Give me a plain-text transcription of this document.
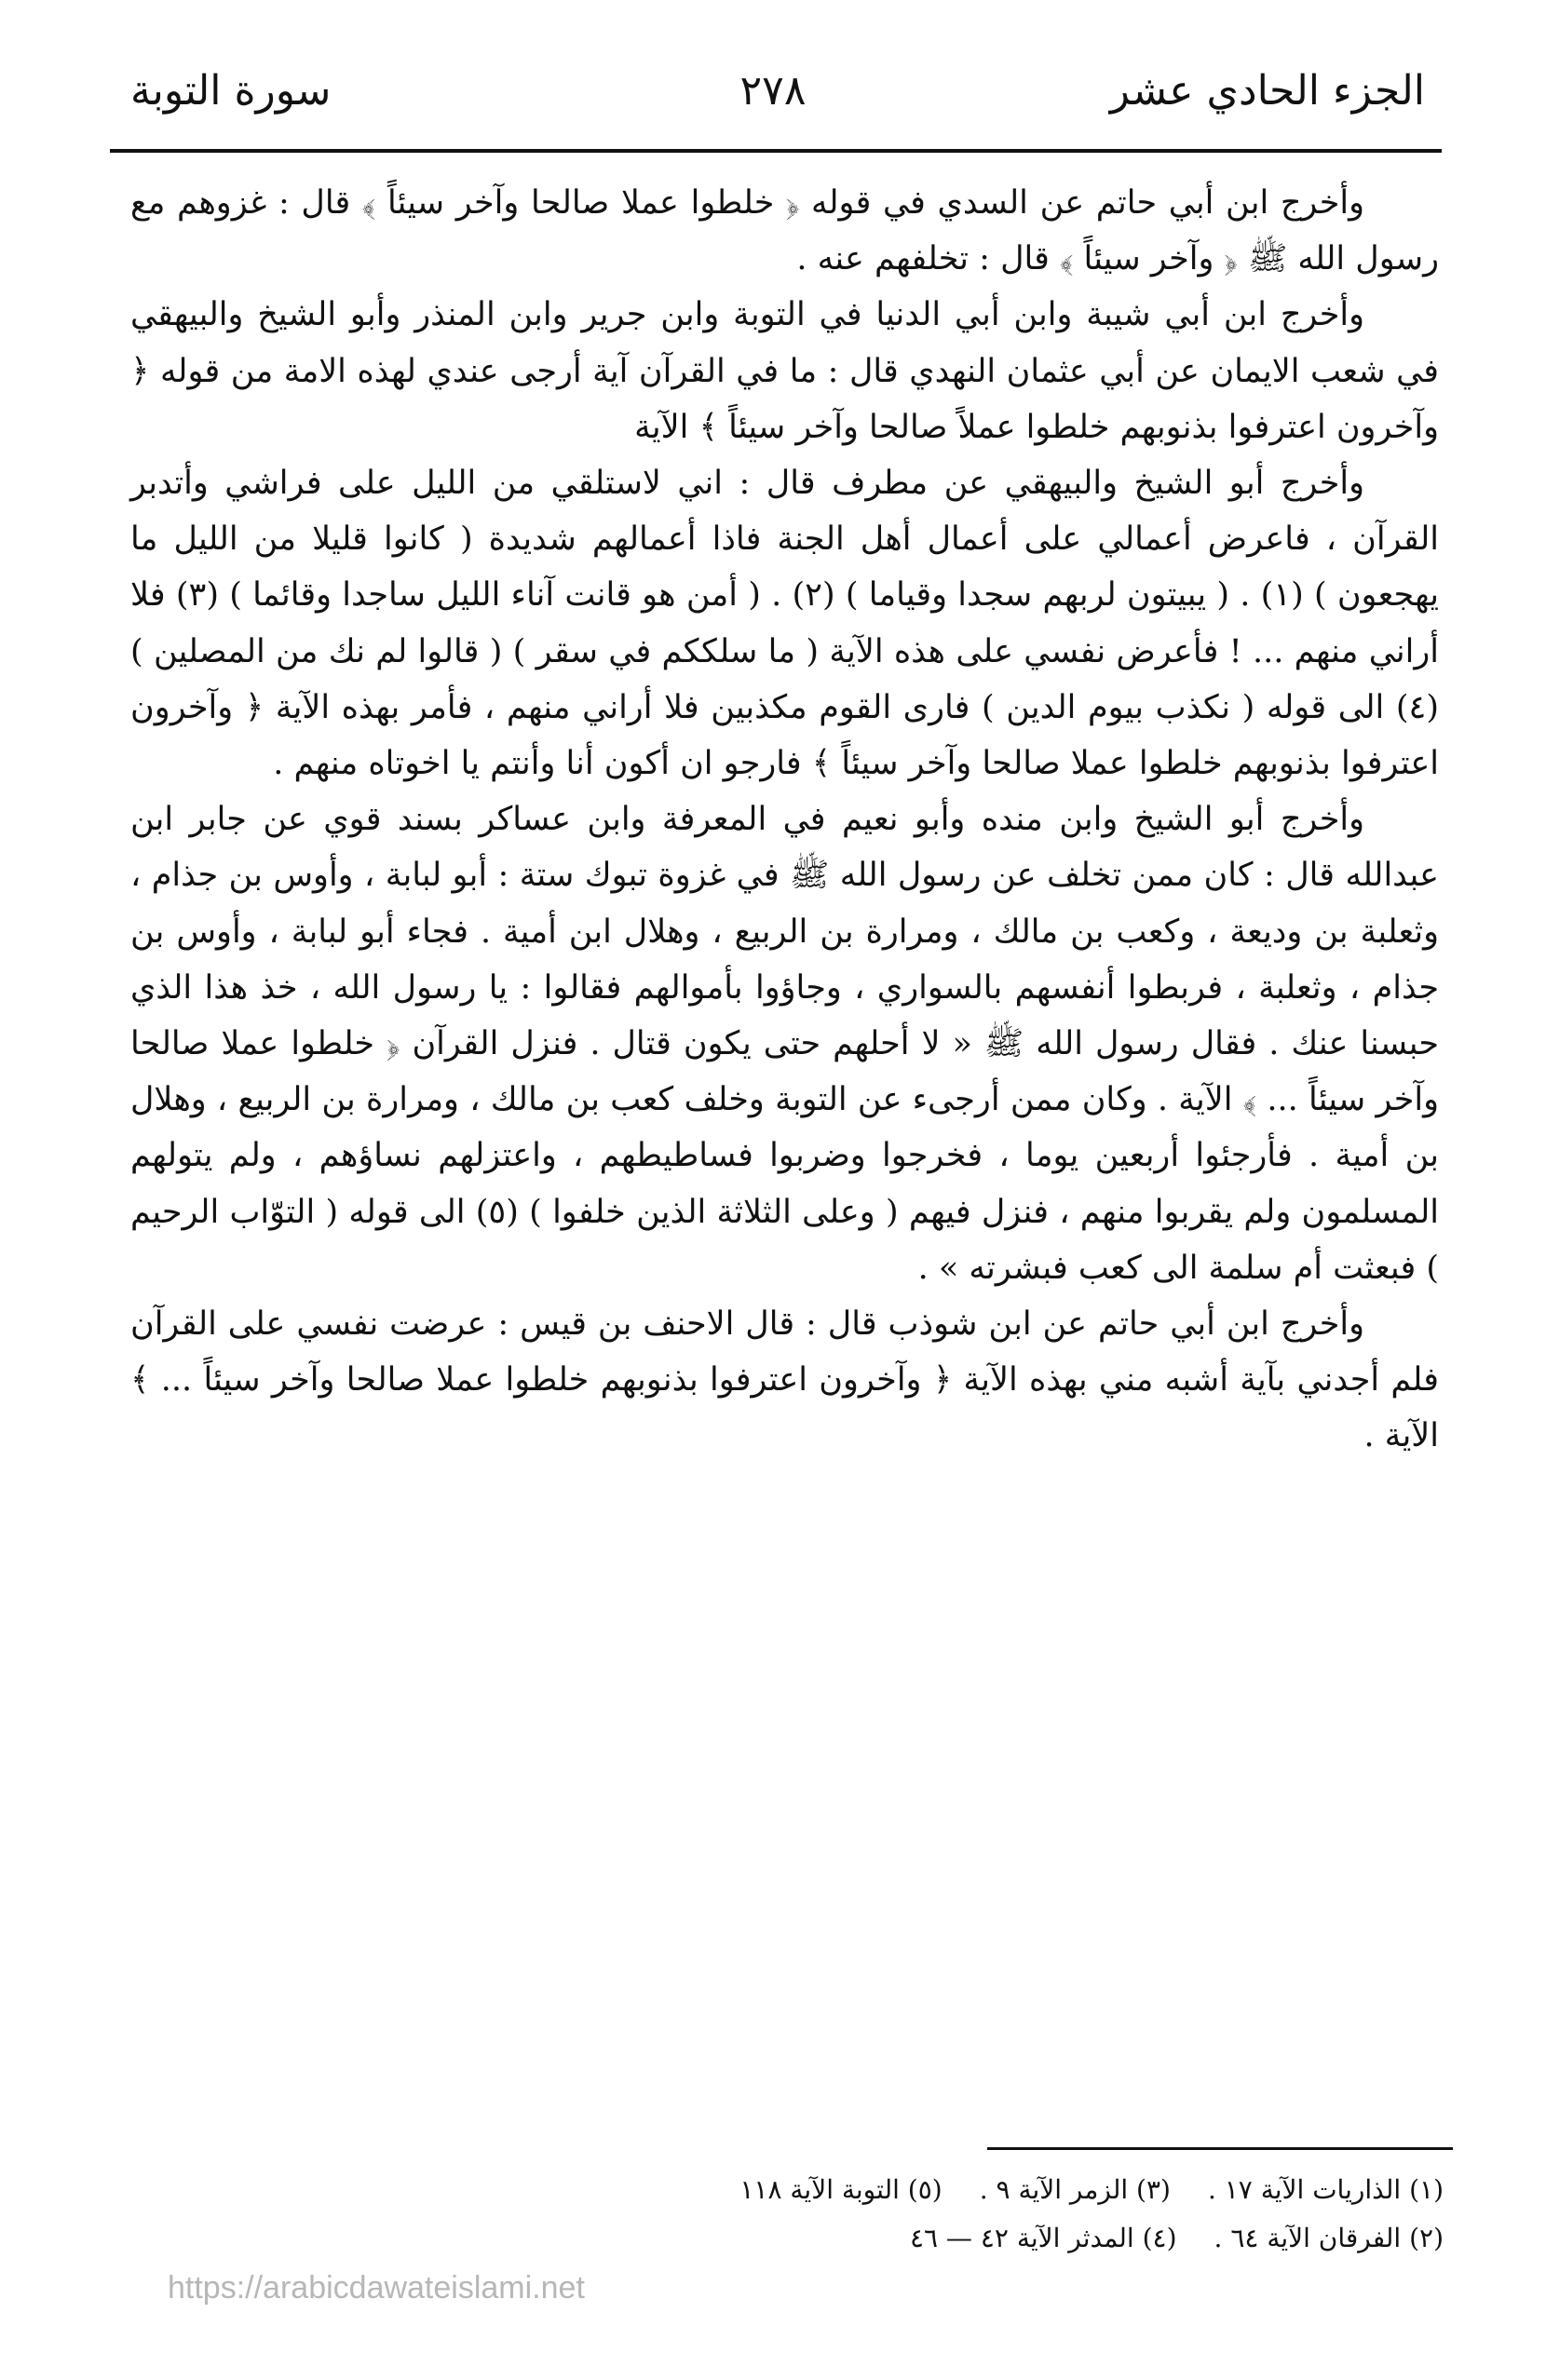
الجزء الحادي عشر
٢٧٨
سورة التوبة

وأخرج ابن أبي حاتم عن السدي في قوله ﴿ خلطوا عملا صالحا وآخر سيئاً ﴾ قال : غزوهم مع رسول الله ﷺ ﴿ وآخر سيئاً ﴾ قال : تخلفهم عنه .

وأخرج ابن أبي شيبة وابن أبي الدنيا في التوبة وابن جرير وابن المنذر وأبو الشيخ والبيهقي في شعب الايمان عن أبي عثمان النهدي قال : ما في القرآن آية أرجى عندي لهذه الامة من قوله ﴿ وآخرون اعترفوا بذنوبهم خلطوا عملاً صالحا وآخر سيئاً ﴾ الآية

وأخرج أبو الشيخ والبيهقي عن مطرف قال : اني لاستلقي من الليل على فراشي وأتدبر القرآن ، فاعرض أعمالي على أعمال أهل الجنة فاذا أعمالهم شديدة ( كانوا قليلا من الليل ما يهجعون ) (١) . ( يبيتون لربهم سجدا وقياما ) (٢) . ( أمن هو قانت آناء الليل ساجدا وقائما ) (٣) فلا أراني منهم ... ! فأعرض نفسي على هذه الآية ( ما سلككم في سقر ) ( قالوا لم نك من المصلين ) (٤) الى قوله ( نكذب بيوم الدين ) فارى القوم مكذبين فلا أراني منهم ، فأمر بهذه الآية ﴿ وآخرون اعترفوا بذنوبهم خلطوا عملا صالحا وآخر سيئاً ﴾ فارجو ان أكون أنا وأنتم يا اخوتاه منهم .

وأخرج أبو الشيخ وابن منده وأبو نعيم في المعرفة وابن عساكر بسند قوي عن جابر ابن عبدالله قال : كان ممن تخلف عن رسول الله ﷺ في غزوة تبوك ستة : أبو لبابة ، وأوس بن جذام ، وثعلبة بن وديعة ، وكعب بن مالك ، ومرارة بن الربيع ، وهلال ابن أمية . فجاء أبو لبابة ، وأوس بن جذام ، وثعلبة ، فربطوا أنفسهم بالسواري ، وجاؤوا بأموالهم فقالوا : يا رسول الله ، خذ هذا الذي حبسنا عنك . فقال رسول الله ﷺ « لا أحلهم حتى يكون قتال . فنزل القرآن ﴿ خلطوا عملا صالحا وآخر سيئاً ... ﴾ الآية . وكان ممن أرجىء عن التوبة وخلف كعب بن مالك ، ومرارة بن الربيع ، وهلال بن أمية . فأرجئوا أربعين يوما ، فخرجوا وضربوا فساطيطهم ، واعتزلهم نساؤهم ، ولم يتولهم المسلمون ولم يقربوا منهم ، فنزل فيهم ( وعلى الثلاثة الذين خلفوا ) (٥) الى قوله ( التوّاب الرحيم ) فبعثت أم سلمة الى كعب فبشرته » .

وأخرج ابن أبي حاتم عن ابن شوذب قال : قال الاحنف بن قيس : عرضت نفسي على القرآن فلم أجدني بآية أشبه مني بهذه الآية ﴿ وآخرون اعترفوا بذنوبهم خلطوا عملا صالحا وآخر سيئاً ... ﴾ الآية .

(١) الذاريات الآية ١٧ .
(٣) الزمر الآية ٩ .
(٥) التوبة الآية ١١٨
(٢) الفرقان الآية ٦٤ .
(٤) المدثر الآية ٤٢ — ٤٦
https://arabicdawateislami.net
